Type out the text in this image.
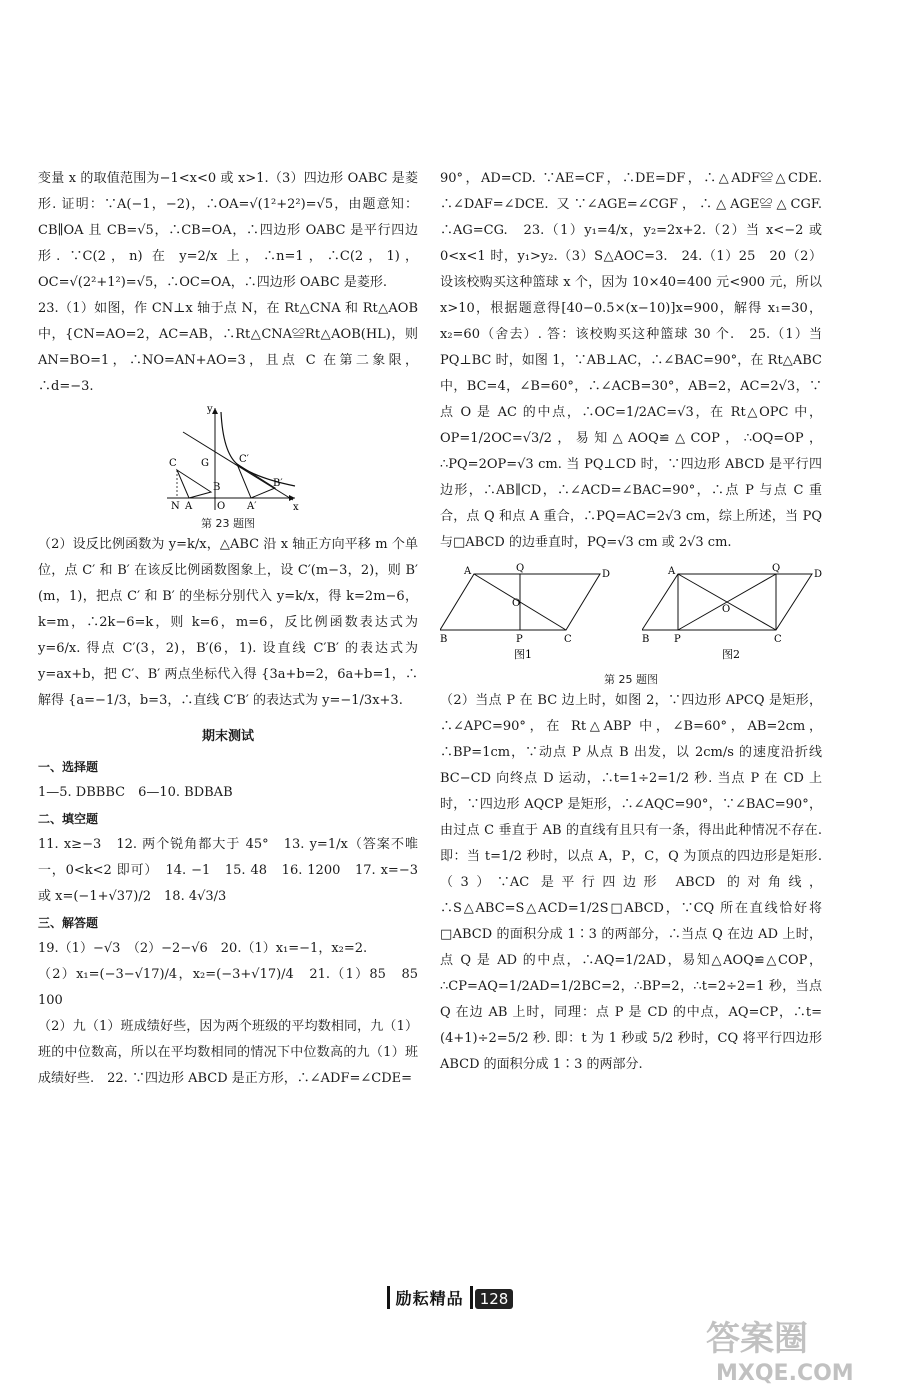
变量 x 的取值范围为−1<x<0 或 x>1.（3）四边形 OABC 是菱形. 证明：∵A(−1，−2)，∴OA=√(1²+2²)=√5，由题意知：CB∥OA 且 CB=√5，∴CB=OA，∴四边形 OABC 是平行四边形. ∵C(2，n) 在 y=2/x 上，∴n=1，∴C(2，1)，OC=√(2²+1²)=√5，∴OC=OA，∴四边形 OABC 是菱形.

23.（1）如图，作 CN⊥x 轴于点 N，在 Rt△CNA 和 Rt△AOB 中，{CN=AO=2，AC=AB，∴Rt△CNA≌Rt△AOB(HL)，则 AN=BO=1，∴NO=AN+AO=3，且点 C 在第二象限，∴d=−3.

C G	C′
B′
B
N A O A′
y
x
第 23 题图

（2）设反比例函数为 y=k/x，△ABC 沿 x 轴正方向平移 m 个单位，点 C′ 和 B′ 在该反比例函数图象上，设 C′(m−3，2)，则 B′(m，1)，把点 C′ 和 B′ 的坐标分别代入 y=k/x，得 k=2m−6，k=m，∴2k−6=k，则 k=6，m=6，反比例函数表达式为 y=6/x. 得点 C′(3，2)，B′(6，1). 设直线 C′B′ 的表达式为 y=ax+b，把 C′、B′ 两点坐标代入得 {3a+b=2，6a+b=1，∴解得 {a=−1/3，b=3，∴直线 C′B′ 的表达式为 y=−1/3x+3.

期末测试
一、选择题

1—5. DBBBC　6—10. BDBAB

二、填空题

11. x≥−3　12. 两个锐角都大于 45°　13. y=1/x（答案不唯一，0<k<2 即可）　14. −1　15. 48　16. 1200　17. x=−3 或 x=(−1+√37)/2　18. 4√3/3

三、解答题

19.（1）−√3　（2）−2−√6　20.（1）x₁=−1，x₂=2.

（2）x₁=(−3−√17)/4，x₂=(−3+√17)/4　21.（1）85　85　100

（2）九（1）班成绩好些，因为两个班级的平均数相同，九（1）班的中位数高，所以在平均数相同的情况下中位数高的九（1）班成绩好些.　22. ∵四边形 ABCD 是正方形，∴∠ADF=∠CDE=

90°，AD=CD. ∵AE=CF，∴DE=DF，∴△ADF≌△CDE. ∴∠DAF=∠DCE. 又∵∠AGE=∠CGF，∴△AGE≌△CGF. ∴AG=CG.　23.（1）y₁=4/x，y₂=2x+2.（2）当 x<−2 或 0<x<1 时，y₁>y₂.（3）S△AOC=3.　24.（1）25　20（2）设该校购买这种篮球 x 个，因为 10×40=400 元<900 元，所以 x>10，根据题意得[40−0.5×(x−10)]x=900，解得 x₁=30，x₂=60（舍去）. 答：该校购买这种篮球 30 个.　25.（1）当 PQ⊥BC 时，如图 1，∵AB⊥AC，∴∠BAC=90°，在 Rt△ABC 中，BC=4，∠B=60°，∴∠ACB=30°，AB=2，AC=2√3，∵点 O 是 AC 的中点，∴OC=1/2AC=√3，在 Rt△OPC 中，OP=1/2OC=√3/2，易知△AOQ≌△COP，∴OQ=OP，∴PQ=2OP=√3 cm. 当 PQ⊥CD 时，∵四边形 ABCD 是平行四边形，∴AB∥CD，∴∠ACD=∠BAC=90°，∴点 P 与点 C 重合，点 Q 和点 A 重合，∴PQ=AC=2√3 cm，综上所述，当 PQ 与□ABCD 的边垂直时，PQ=√3 cm 或 2√3 cm.

A	Q
D
O
B	P	C
图1
A	Q
D
O
B P	C
图2
第 25 题图

（2）当点 P 在 BC 边上时，如图 2，∵四边形 APCQ 是矩形，∴∠APC=90°，在 Rt△ABP 中，∠B=60°，AB=2cm，∴BP=1cm，∵动点 P 从点 B 出发，以 2cm/s 的速度沿折线 BC−CD 向终点 D 运动，∴t=1÷2=1/2 秒. 当点 P 在 CD 上时，∵四边形 AQCP 是矩形，∴∠AQC=90°，∵∠BAC=90°，由过点 C 垂直于 AB 的直线有且只有一条，得出此种情况不存在. 即：当 t=1/2 秒时，以点 A，P，C，Q 为顶点的四边形是矩形.（3）∵AC 是平行四边形 ABCD 的对角线，∴S△ABC=S△ACD=1/2S□ABCD，∵CQ 所在直线恰好将□ABCD 的面积分成 1∶3 的两部分，∴当点 Q 在边 AD 上时，点 Q 是 AD 的中点，∴AQ=1/2AD，易知△AOQ≌△COP，∴CP=AQ=1/2AD=1/2BC=2，∴BP=2，∴t=2÷2=1 秒，当点 Q 在边 AB 上时，同理：点 P 是 CD 的中点，AQ=CP，∴t=(4+1)÷2=5/2 秒. 即：t 为 1 秒或 5/2 秒时，CQ 将平行四边形 ABCD 的面积分成 1∶3 的两部分.

励耘精品 128
答案圈
MXQE.COM
